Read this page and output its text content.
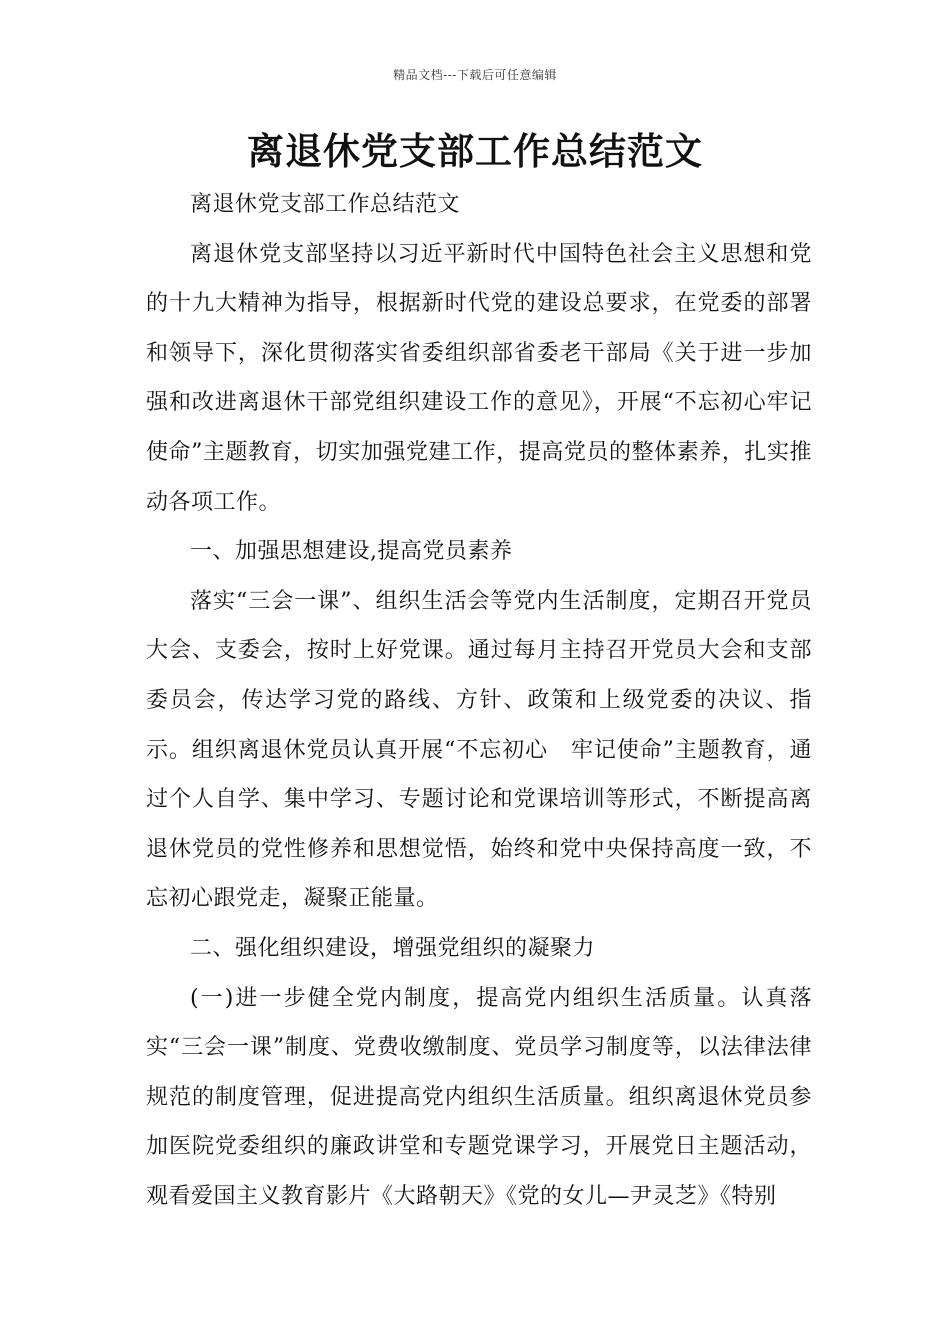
精品文档---下载后可任意编辑
离退休党支部工作总结范文

离退休党支部工作总结范文

离退休党支部坚持以习近平新时代中国特色社会主义思想和党的十九大精神为指导，根据新时代党的建设总要求，在党委的部署和领导下，深化贯彻落实省委组织部省委老干部局《关于进一步加强和改进离退休干部党组织建设工作的意见》，开展“不忘初心牢记使命”主题教育，切实加强党建工作，提高党员的整体素养，扎实推动各项工作。

一、加强思想建设,提高党员素养

落实“三会一课”、组织生活会等党内生活制度，定期召开党员大会、支委会，按时上好党课。通过每月主持召开党员大会和支部委员会，传达学习党的路线、方针、政策和上级党委的决议、指示。组织离退休党员认真开展“不忘初心　牢记使命”主题教育，通过个人自学、集中学习、专题讨论和党课培训等形式，不断提高离退休党员的党性修养和思想觉悟，始终和党中央保持高度一致，不忘初心跟党走，凝聚正能量。

二、强化组织建设，增强党组织的凝聚力

(一)进一步健全党内制度，提高党内组织生活质量。认真落实“三会一课”制度、党费收缴制度、党员学习制度等，以法律法律规范的制度管理，促进提高党内组织生活质量。组织离退休党员参加医院党委组织的廉政讲堂和专题党课学习，开展党日主题活动，观看爱国主义教育影片《大路朝天》《党的女儿—尹灵芝》《特别
